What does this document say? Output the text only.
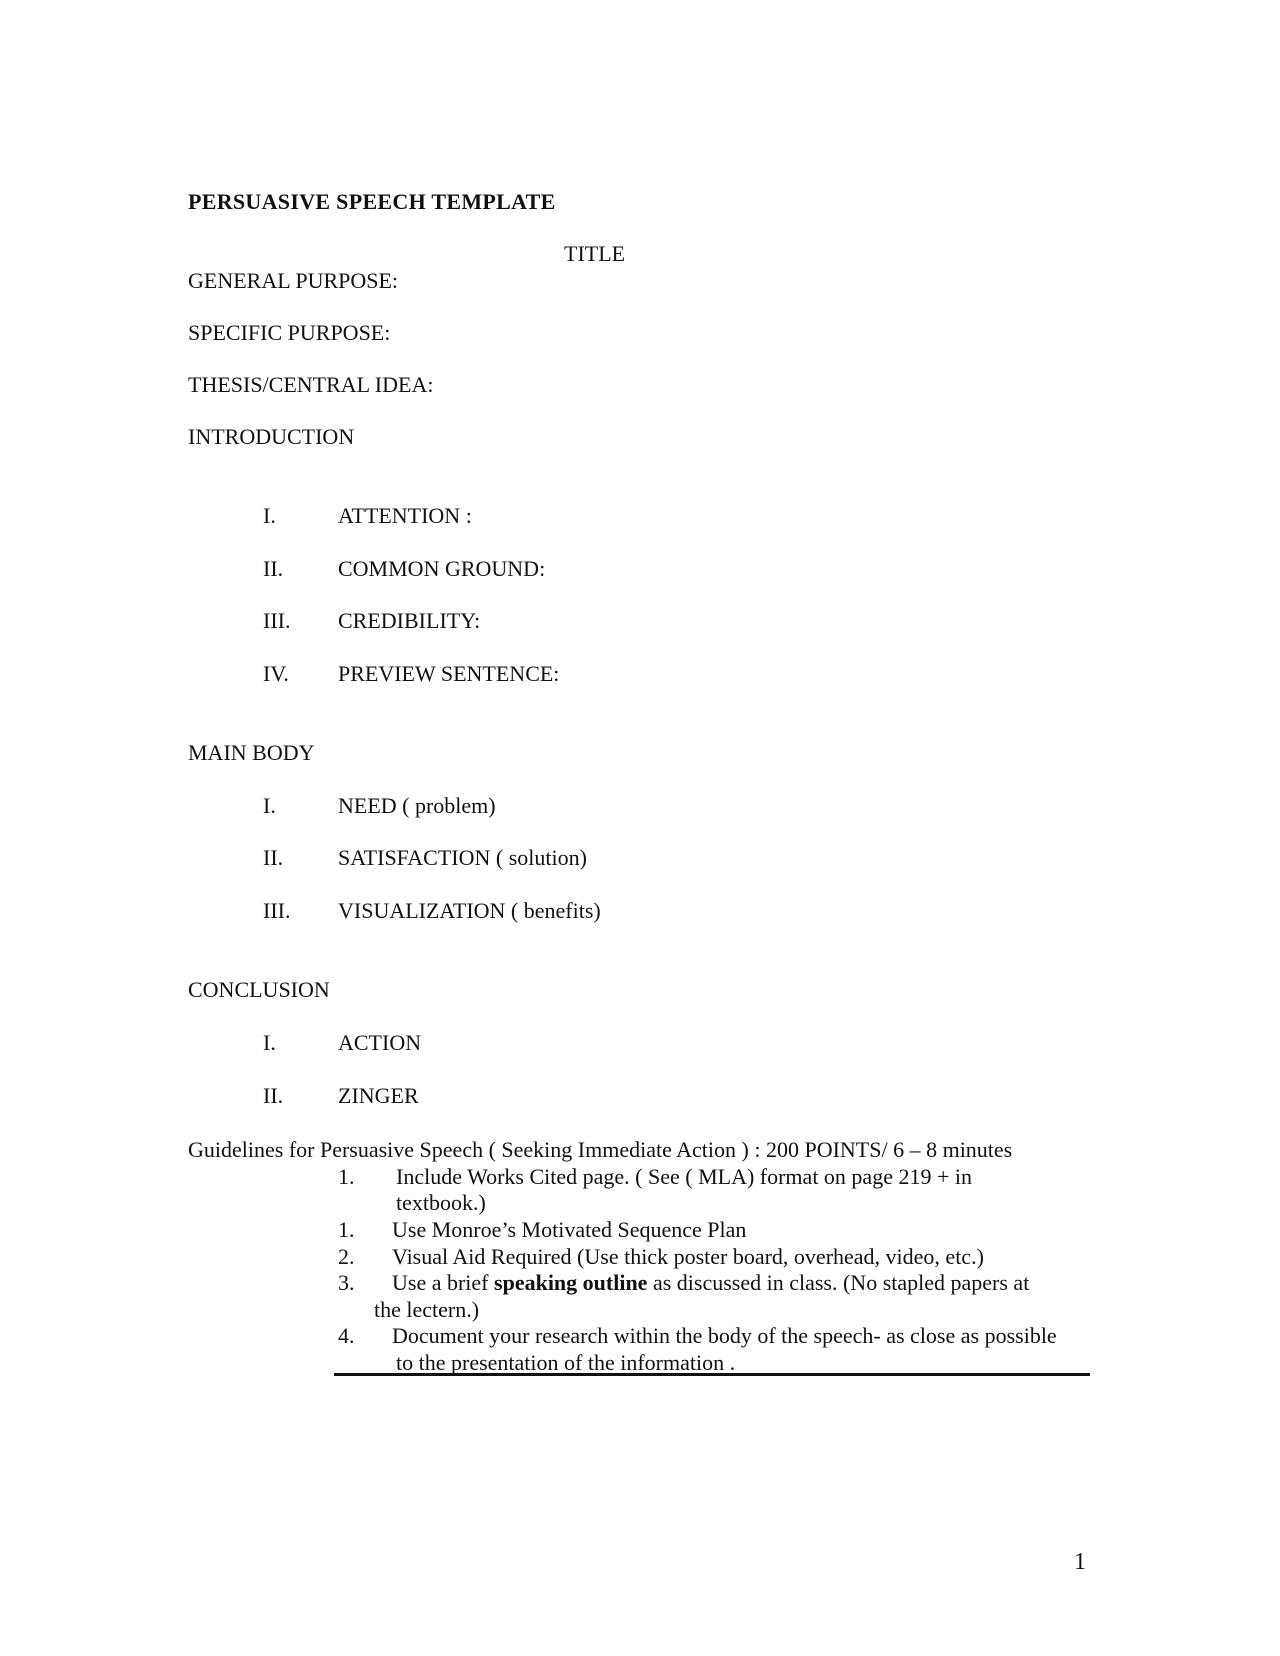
PERSUASIVE SPEECH TEMPLATE
TITLE
GENERAL PURPOSE:
SPECIFIC PURPOSE:
THESIS/CENTRAL IDEA:
INTRODUCTION
I.	ATTENTION :
II. COMMON GROUND:
III. CREDIBILITY:
IV. PREVIEW SENTENCE:
MAIN BODY
I.	NEED ( problem)
II. SATISFACTION ( solution)
III. VISUALIZATION ( benefits)
CONCLUSION
I.	ACTION
II. ZINGER
Guidelines for Persuasive Speech ( Seeking Immediate Action ) : 200 POINTS/ 6 – 8 minutes
1. Include Works Cited page. ( See ( MLA) format on page 219 + in
textbook.)
1. Use Monroe’s Motivated Sequence Plan
2. Visual Aid Required (Use thick poster board, overhead, video, etc.)
3. Use a brief speaking outline as discussed in class. (No stapled papers at
the lectern.)
4. Document your research within the body of the speech- as close as possible
to the presentation of the information .
1
